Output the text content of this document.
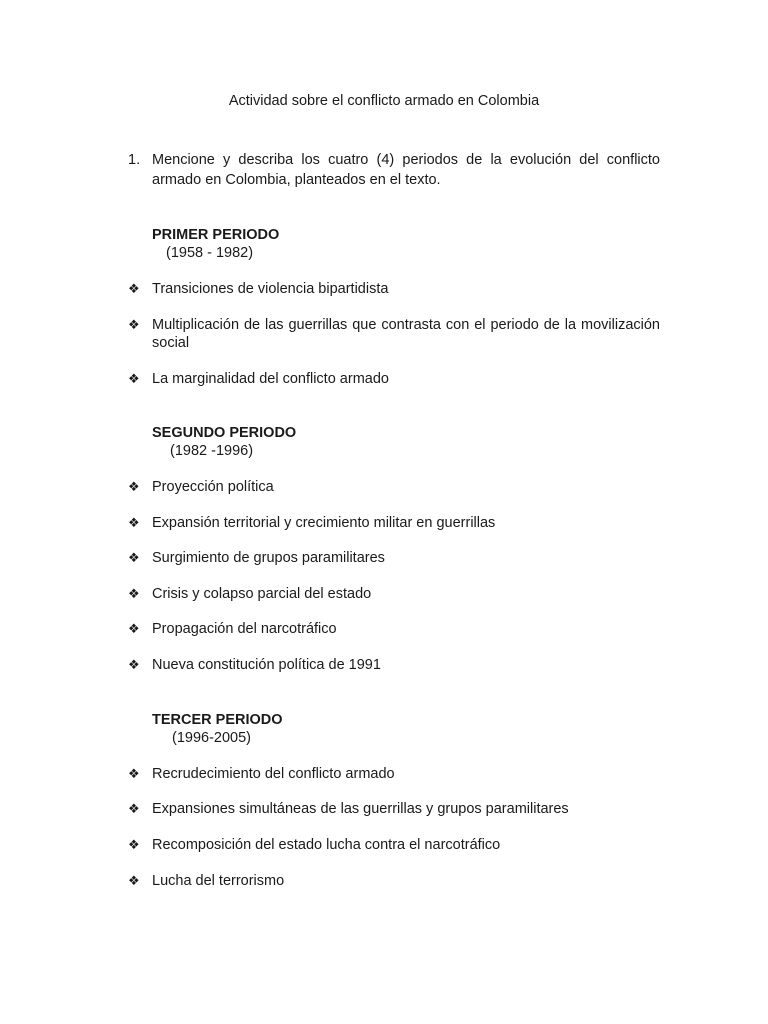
Actividad sobre el conflicto armado en Colombia
1. Mencione y describa los cuatro (4) periodos de la evolución del conflicto armado en Colombia, planteados en el texto.
PRIMER PERIODO
(1958 - 1982)
❖ Transiciones de violencia bipartidista
❖ Multiplicación de las guerrillas que contrasta con el periodo de la movilización social
❖ La marginalidad del conflicto armado
SEGUNDO PERIODO
(1982 -1996)
❖ Proyección política
❖ Expansión territorial y crecimiento militar en guerrillas
❖ Surgimiento de grupos paramilitares
❖ Crisis y colapso parcial del estado
❖ Propagación del narcotráfico
❖ Nueva constitución política de 1991
TERCER PERIODO
(1996-2005)
❖ Recrudecimiento del conflicto armado
❖ Expansiones simultáneas de las guerrillas y grupos paramilitares
❖ Recomposición del estado lucha contra el narcotráfico
❖ Lucha del terrorismo
